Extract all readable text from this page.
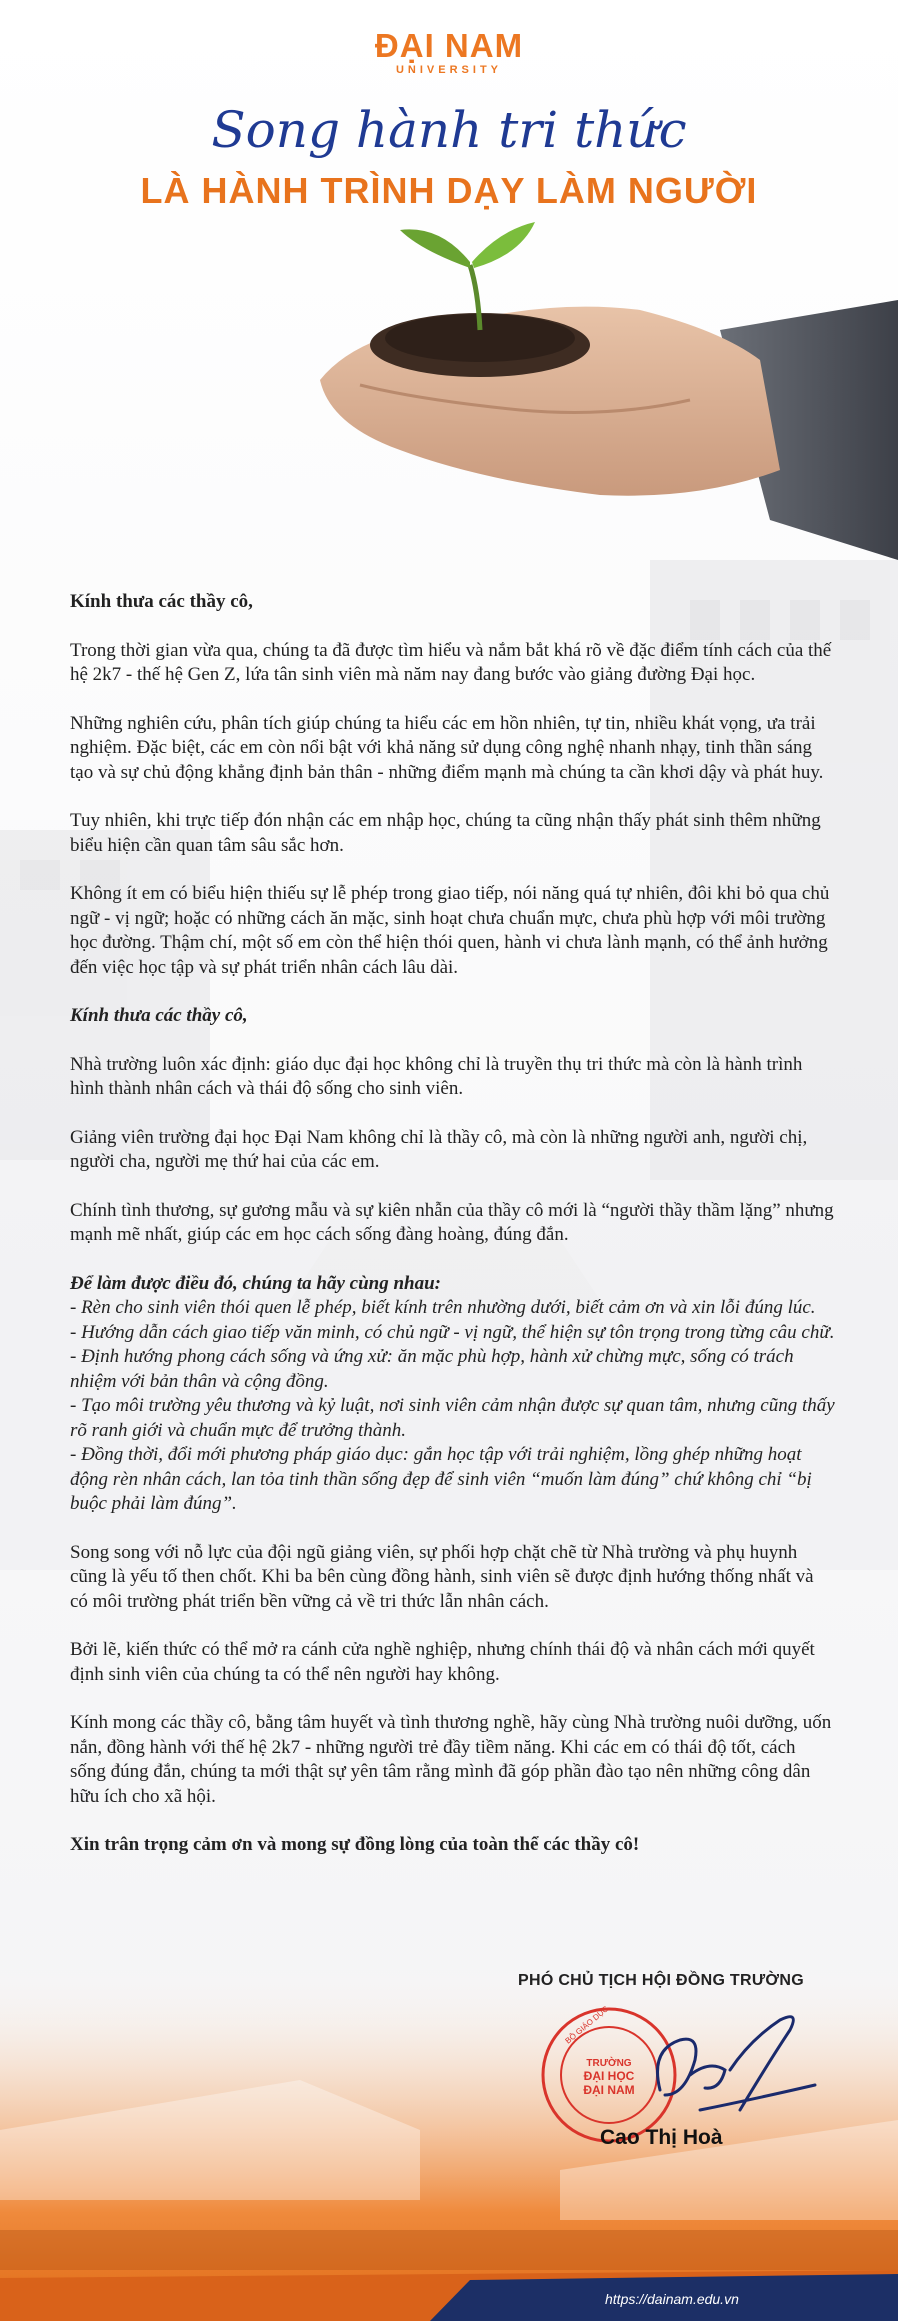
ĐẠI NAM
UNIVERSITY
Song hành tri thức
LÀ HÀNH TRÌNH DẠY LÀM NGƯỜI

Kính thưa các thầy cô,

Trong thời gian vừa qua, chúng ta đã được tìm hiểu và nắm bắt khá rõ về đặc điểm tính cách của thế hệ 2k7 - thế hệ Gen Z, lứa tân sinh viên mà năm nay đang bước vào giảng đường Đại học.

Những nghiên cứu, phân tích giúp chúng ta hiểu các em hồn nhiên, tự tin, nhiều khát vọng, ưa trải nghiệm. Đặc biệt, các em còn nổi bật với khả năng sử dụng công nghệ nhanh nhạy, tinh thần sáng tạo và sự chủ động khẳng định bản thân - những điểm mạnh mà chúng ta cần khơi dậy và phát huy.

Tuy nhiên, khi trực tiếp đón nhận các em nhập học, chúng ta cũng nhận thấy phát sinh thêm những biểu hiện cần quan tâm sâu sắc hơn.

Không ít em có biểu hiện thiếu sự lễ phép trong giao tiếp, nói năng quá tự nhiên, đôi khi bỏ qua chủ ngữ - vị ngữ; hoặc có những cách ăn mặc, sinh hoạt chưa chuẩn mực, chưa phù hợp với môi trường học đường. Thậm chí, một số em còn thể hiện thói quen, hành vi chưa lành mạnh, có thể ảnh hưởng đến việc học tập và sự phát triển nhân cách lâu dài.

Kính thưa các thầy cô,

Nhà trường luôn xác định: giáo dục đại học không chỉ là truyền thụ tri thức mà còn là hành trình hình thành nhân cách và thái độ sống cho sinh viên.

Giảng viên trường đại học Đại Nam không chỉ là thầy cô, mà còn là những người anh, người chị, người cha, người mẹ thứ hai của các em.

Chính tình thương, sự gương mẫu và sự kiên nhẫn của thầy cô mới là “người thầy thầm lặng” nhưng mạnh mẽ nhất, giúp các em học cách sống đàng hoàng, đúng đắn.

Để làm được điều đó, chúng ta hãy cùng nhau:
- Rèn cho sinh viên thói quen lễ phép, biết kính trên nhường dưới, biết cảm ơn và xin lỗi đúng lúc.
- Hướng dẫn cách giao tiếp văn minh, có chủ ngữ - vị ngữ, thể hiện sự tôn trọng trong từng câu chữ.
- Định hướng phong cách sống và ứng xử: ăn mặc phù hợp, hành xử chừng mực, sống có trách nhiệm với bản thân và cộng đồng.
- Tạo môi trường yêu thương và kỷ luật, nơi sinh viên cảm nhận được sự quan tâm, nhưng cũng thấy rõ ranh giới và chuẩn mực để trưởng thành.
- Đồng thời, đổi mới phương pháp giáo dục: gắn học tập với trải nghiệm, lồng ghép những hoạt động rèn nhân cách, lan tỏa tinh thần sống đẹp để sinh viên “muốn làm đúng” chứ không chỉ “bị buộc phải làm đúng”.

Song song với nỗ lực của đội ngũ giảng viên, sự phối hợp chặt chẽ từ Nhà trường và phụ huynh cũng là yếu tố then chốt. Khi ba bên cùng đồng hành, sinh viên sẽ được định hướng thống nhất và có môi trường phát triển bền vững cả về tri thức lẫn nhân cách.

Bởi lẽ, kiến thức có thể mở ra cánh cửa nghề nghiệp, nhưng chính thái độ và nhân cách mới quyết định sinh viên của chúng ta có thể nên người hay không.

Kính mong các thầy cô, bằng tâm huyết và tình thương nghề, hãy cùng Nhà trường nuôi dưỡng, uốn nắn, đồng hành với thế hệ 2k7 - những người trẻ đầy tiềm năng. Khi các em có thái độ tốt, cách sống đúng đắn, chúng ta mới thật sự yên tâm rằng mình đã góp phần đào tạo nên những công dân hữu ích cho xã hội.

Xin trân trọng cảm ơn và mong sự đồng lòng của toàn thể các thầy cô!

PHÓ CHỦ TỊCH HỘI ĐỒNG TRƯỜNG
TRƯỜNG
ĐẠI HỌC
ĐẠI NAM
BỘ GIÁO DỤC
Cao Thị Hoà
https://dainam.edu.vn
